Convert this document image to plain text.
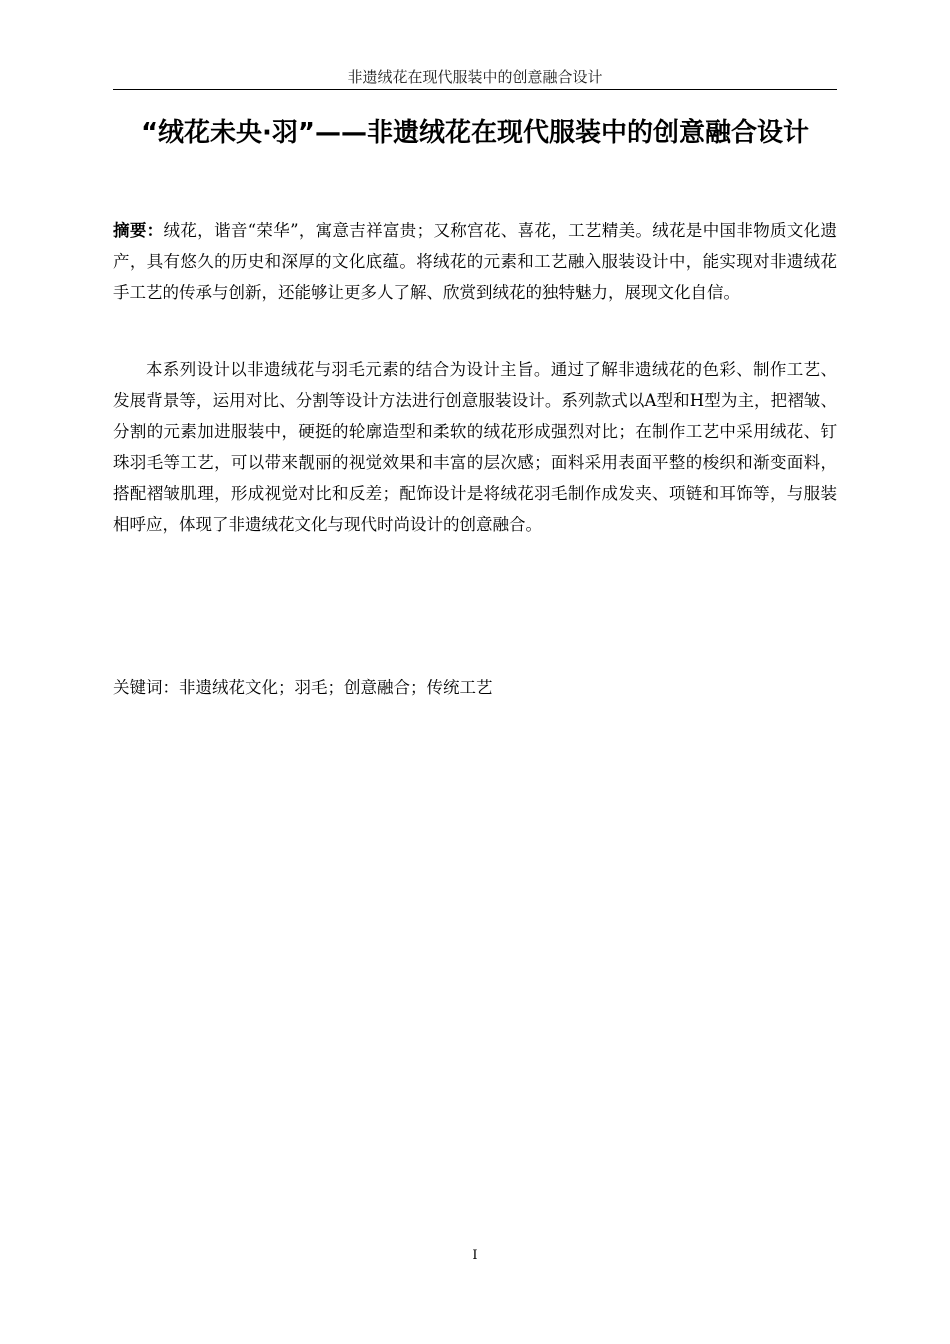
非遗绒花在现代服装中的创意融合设计
“绒花未央·羽”——非遗绒花在现代服装中的创意融合设计

摘要：绒花，谐音“荣华”，寓意吉祥富贵；又称宫花、喜花，工艺精美。绒花是中国非物质文化遗产，具有悠久的历史和深厚的文化底蕴。将绒花的元素和工艺融入服装设计中，能实现对非遗绒花手工艺的传承与创新，还能够让更多人了解、欣赏到绒花的独特魅力，展现文化自信。

本系列设计以非遗绒花与羽毛元素的结合为设计主旨。通过了解非遗绒花的色彩、制作工艺、发展背景等，运用对比、分割等设计方法进行创意服装设计。系列款式以A型和H型为主，把褶皱、分割的元素加进服装中，硬挺的轮廓造型和柔软的绒花形成强烈对比；在制作工艺中采用绒花、钉珠羽毛等工艺，可以带来靓丽的视觉效果和丰富的层次感；面料采用表面平整的梭织和渐变面料，搭配褶皱肌理，形成视觉对比和反差；配饰设计是将绒花羽毛制作成发夹、项链和耳饰等，与服装相呼应，体现了非遗绒花文化与现代时尚设计的创意融合。

关键词：非遗绒花文化；羽毛；创意融合；传统工艺

I
